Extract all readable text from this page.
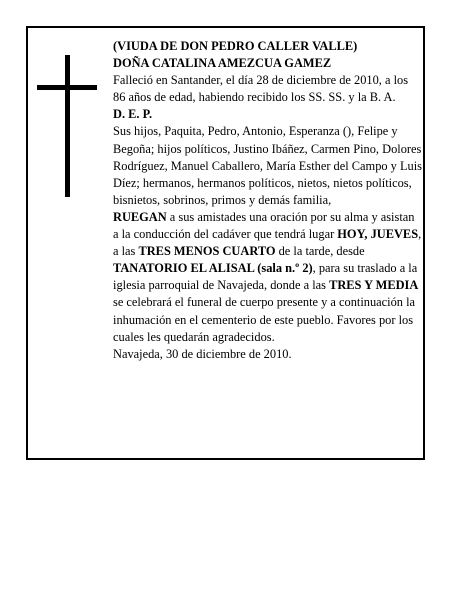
(VIUDA DE DON PEDRO CALLER VALLE)

DOÑA CATALINA AMEZCUA GAMEZ

Falleció en Santander, el día 28 de diciembre de 2010, a los 86 años de edad, habiendo recibido los SS. SS. y la B. A.

D. E. P.

Sus hijos, Paquita, Pedro, Antonio, Esperanza (), Felipe y Begoña; hijos políticos, Justino Ibáñez, Carmen Pino, Dolores Rodríguez, Manuel Caballero, María Esther del Campo y Luis Díez; hermanos, hermanos políticos, nietos, nietos políticos, bisnietos, sobrinos, primos y demás familia,

RUEGAN a sus amistades una oración por su alma y asistan a la conducción del cadáver que tendrá lugar HOY, JUEVES, a las TRES MENOS CUARTO de la tarde, desde TANATORIO EL ALISAL (sala n.º 2), para su traslado a la iglesia parroquial de Navajeda, donde a las TRES Y MEDIA se celebrará el funeral de cuerpo presente y a continuación la inhumación en el cementerio de este pueblo. Favores por los cuales les quedarán agradecidos.

Navajeda, 30 de diciembre de 2010.
